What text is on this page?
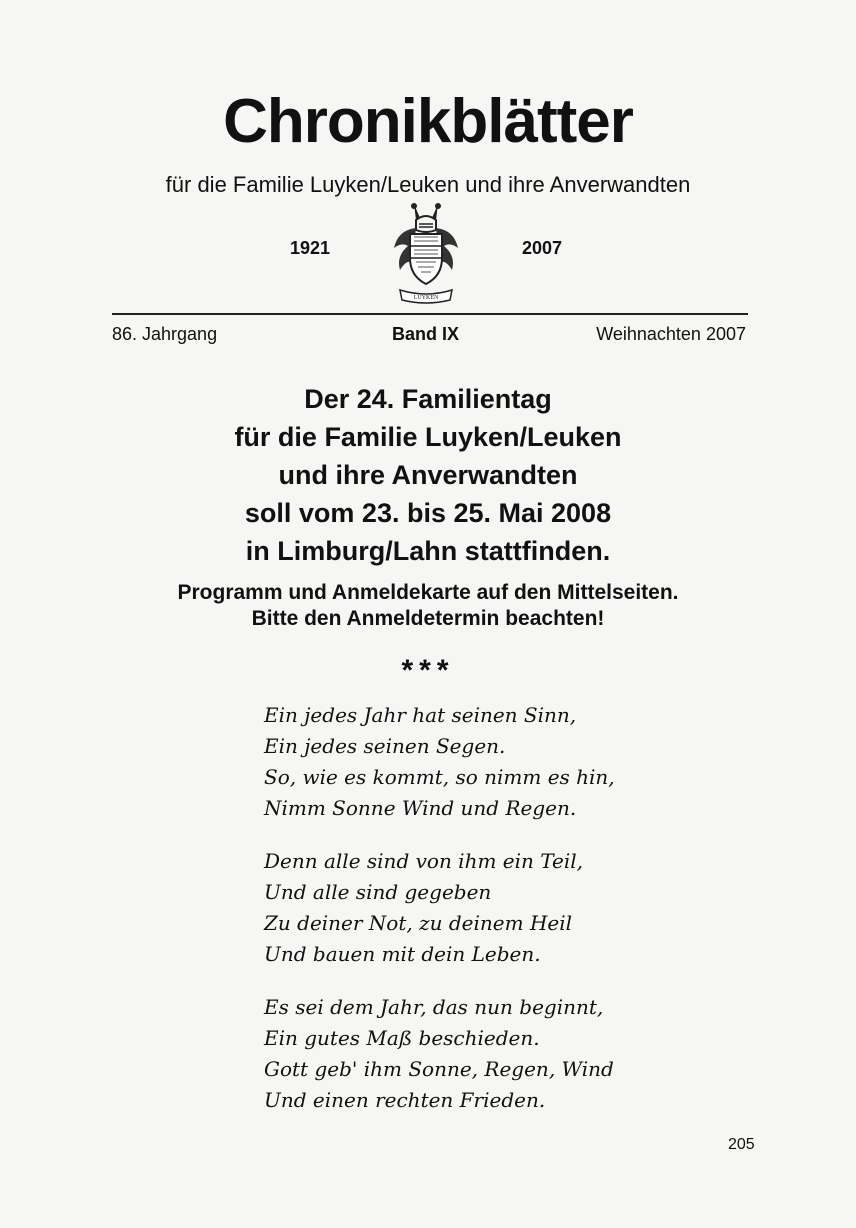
Chronikblätter
für die Familie Luyken/Leuken und ihre Anverwandten
1921
LUYKEN
2007
86. Jahrgang	Band IX	Weihnachten 2007
Der 24. Familientag
für die Familie Luyken/Leuken
und ihre Anverwandten
soll vom 23. bis 25. Mai 2008
in Limburg/Lahn stattfinden.
Programm und Anmeldekarte auf den Mittelseiten.
Bitte den Anmeldetermin beachten!
***
Ein jedes Jahr hat seinen Sinn,
Ein jedes seinen Segen.
So, wie es kommt, so nimm es hin,
Nimm Sonne Wind und Regen.
Denn alle sind von ihm ein Teil,
Und alle sind gegeben
Zu deiner Not, zu deinem Heil
Und bauen mit dein Leben.
Es sei dem Jahr, das nun beginnt,
Ein gutes Maß beschieden.
Gott geb' ihm Sonne, Regen, Wind
Und einen rechten Frieden.
205
